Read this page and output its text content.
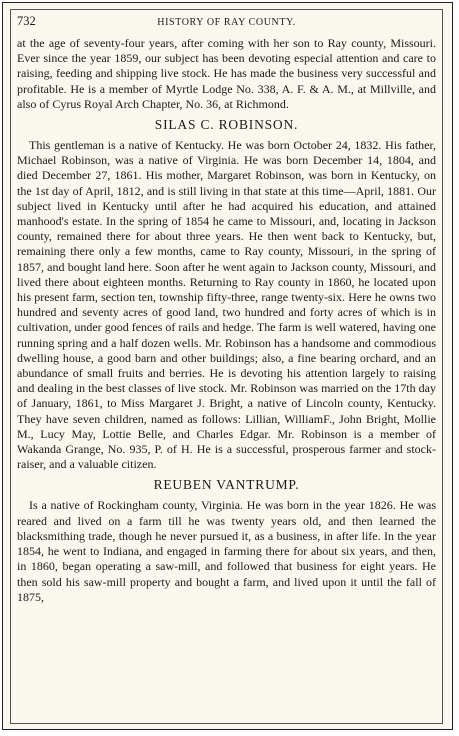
732	HISTORY OF RAY COUNTY.

at the age of seventy-four years, after coming with her son to Ray county, Missouri. Ever since the year 1859, our subject has been devoting especial attention and care to raising, feeding and shipping live stock. He has made the business very successful and profitable. He is a member of Myrtle Lodge No. 338, A. F. & A. M., at Millville, and also of Cyrus Royal Arch Chapter, No. 36, at Richmond.

SILAS C. ROBINSON.

This gentleman is a native of Kentucky. He was born October 24, 1832. His father, Michael Robinson, was a native of Virginia. He was born December 14, 1804, and died December 27, 1861. His mother, Margaret Robinson, was born in Kentucky, on the 1st day of April, 1812, and is still living in that state at this time—April, 1881. Our subject lived in Kentucky until after he had acquired his education, and attained manhood's estate. In the spring of 1854 he came to Missouri, and, locating in Jackson county, remained there for about three years. He then went back to Kentucky, but, remaining there only a few months, came to Ray county, Missouri, in the spring of 1857, and bought land here. Soon after he went again to Jackson county, Missouri, and lived there about eighteen months. Returning to Ray county in 1860, he located upon his present farm, section ten, township fifty-three, range twenty-six. Here he owns two hundred and seventy acres of good land, two hundred and forty acres of which is in cultivation, under good fences of rails and hedge. The farm is well watered, having one running spring and a half dozen wells. Mr. Robinson has a handsome and commodious dwelling house, a good barn and other buildings; also, a fine bearing orchard, and an abundance of small fruits and berries. He is devoting his attention largely to raising and dealing in the best classes of live stock. Mr. Robinson was married on the 17th day of January, 1861, to Miss Margaret J. Bright, a native of Lincoln county, Kentucky. They have seven children, named as follows: Lillian, WilliamF., John Bright, Mollie M., Lucy May, Lottie Belle, and Charles Edgar. Mr. Robinson is a member of Wakanda Grange, No. 935, P. of H. He is a successful, prosperous farmer and stock-raiser, and a valuable citizen.

REUBEN VANTRUMP.

Is a native of Rockingham county, Virginia. He was born in the year 1826. He was reared and lived on a farm till he was twenty years old, and then learned the blacksmithing trade, though he never pursued it, as a business, in after life. In the year 1854, he went to Indiana, and engaged in farming there for about six years, and then, in 1860, began operating a saw-mill, and followed that business for eight years. He then sold his saw-mill property and bought a farm, and lived upon it until the fall of 1875,
